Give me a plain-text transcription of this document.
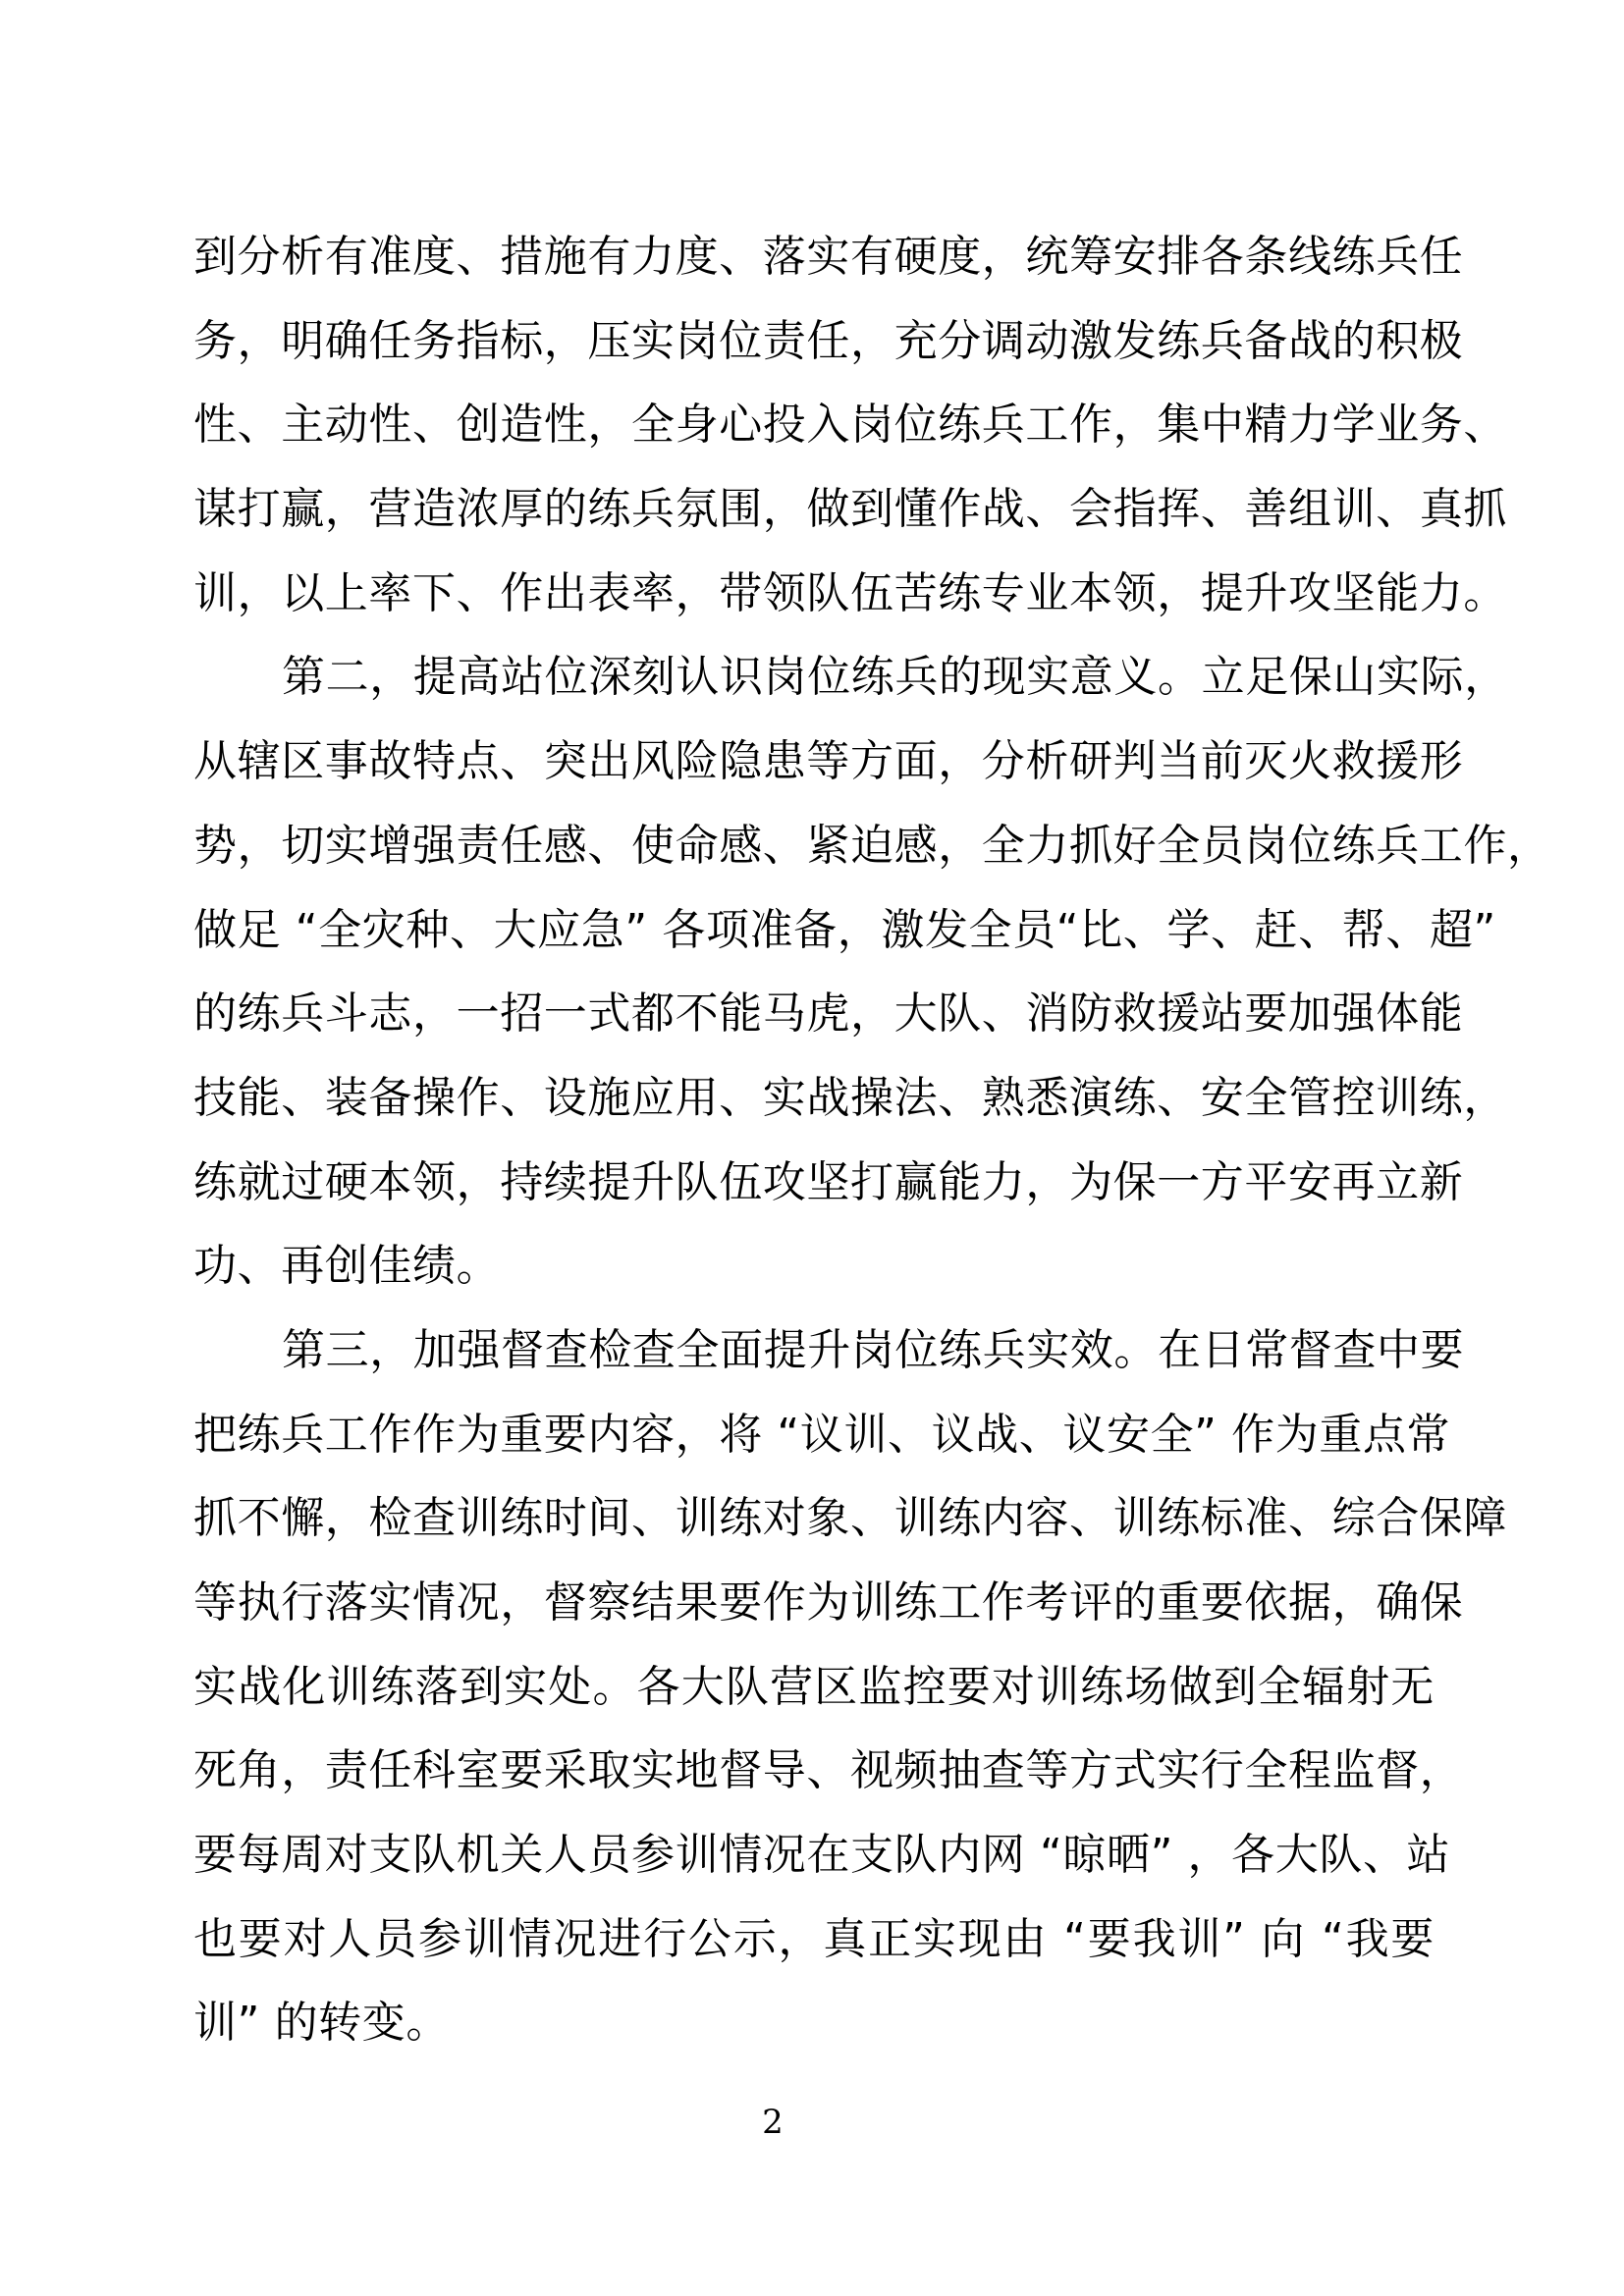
到分析有准度、措施有力度、落实有硬度，统筹安排各条线练兵任
务，明确任务指标，压实岗位责任，充分调动激发练兵备战的积极
性、主动性、创造性，全身心投入岗位练兵工作，集中精力学业务、
谋打赢，营造浓厚的练兵氛围，做到懂作战、会指挥、善组训、真抓
训，以上率下、作出表率，带领队伍苦练专业本领，提升攻坚能力。
第二，提高站位深刻认识岗位练兵的现实意义。立足保山实际，
从辖区事故特点、突出风险隐患等方面，分析研判当前灭火救援形
势，切实增强责任感、使命感、紧迫感，全力抓好全员岗位练兵工作，
做足 “全灾种、大应急” 各项准备，激发全员“比、学、赶、帮、超”
的练兵斗志，一招一式都不能马虎，大队、消防救援站要加强体能
技能、装备操作、设施应用、实战操法、熟悉演练、安全管控训练，
练就过硬本领，持续提升队伍攻坚打赢能力，为保一方平安再立新
功、再创佳绩。
第三，加强督查检查全面提升岗位练兵实效。在日常督查中要
把练兵工作作为重要内容，将 “议训、议战、议安全” 作为重点常
抓不懈，检查训练时间、训练对象、训练内容、训练标准、综合保障
等执行落实情况，督察结果要作为训练工作考评的重要依据，确保
实战化训练落到实处。各大队营区监控要对训练场做到全辐射无
死角，责任科室要采取实地督导、视频抽查等方式实行全程监督，
要每周对支队机关人员参训情况在支队内网 “晾晒” ，各大队、站
也要对人员参训情况进行公示，真正实现由 “要我训” 向 “我要
训” 的转变。
2
